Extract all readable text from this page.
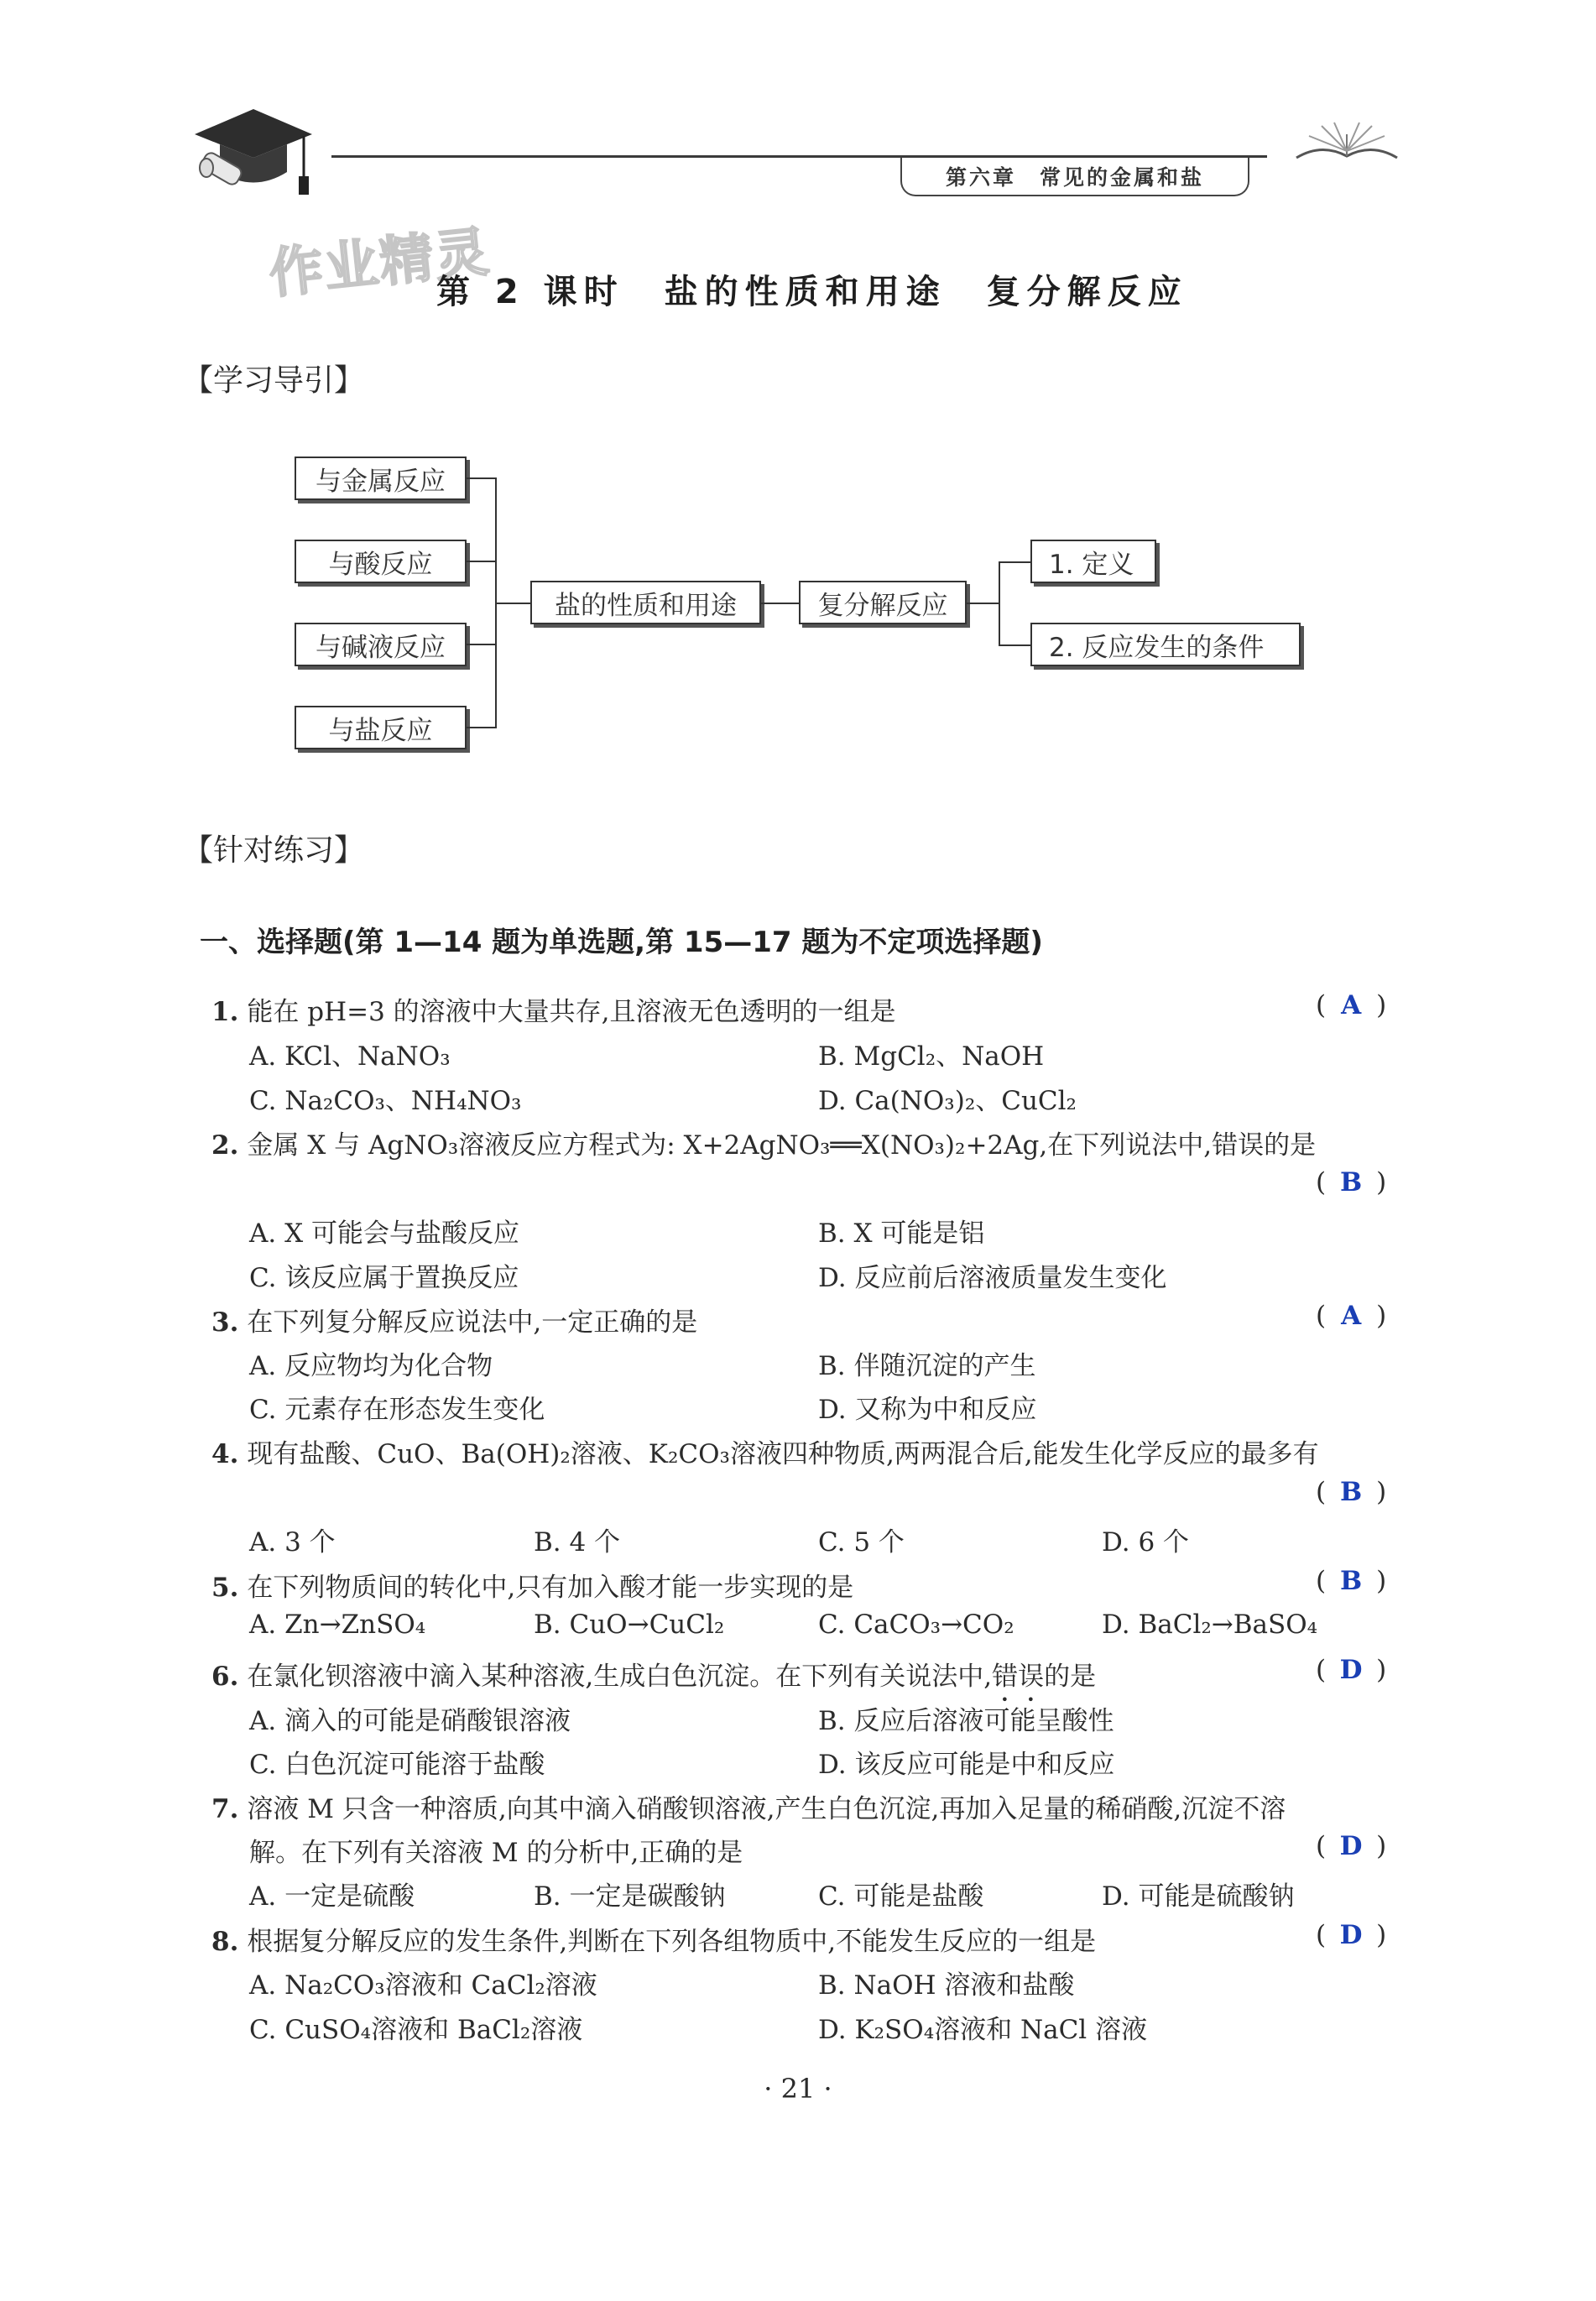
第六章　常见的金属和盐
作业精灵
第 2 课时　盐的性质和用途　复分解反应
【学习导引】
与金属反应
与酸反应
与碱液反应
与盐反应
盐的性质和用途	复分解反应
1. 定义
2. 反应发生的条件
【针对练习】
一、选择题(第 1—14 题为单选题,第 15—17 题为不定项选择题)
1. 能在 pH=3 的溶液中大量共存,且溶液无色透明的一组是	( A )
A. KCl、NaNO₃	B. MgCl₂、NaOH
C. Na₂CO₃、NH₄NO₃	D. Ca(NO₃)₂、CuCl₂
2. 金属 X 与 AgNO₃溶液反应方程式为: X+2AgNO₃══X(NO₃)₂+2Ag,在下列说法中,错误的是
( B )
A. X 可能会与盐酸反应	B. X 可能是铝
C. 该反应属于置换反应	D. 反应前后溶液质量发生变化
3. 在下列复分解反应说法中,一定正确的是	( A )
A. 反应物均为化合物	B. 伴随沉淀的产生
C. 元素存在形态发生变化	D. 又称为中和反应
4. 现有盐酸、CuO、Ba(OH)₂溶液、K₂CO₃溶液四种物质,两两混合后,能发生化学反应的最多有
( B )
A. 3 个	B. 4 个	C. 5 个	D. 6 个
5. 在下列物质间的转化中,只有加入酸才能一步实现的是	( B )
A. Zn→ZnSO₄	B. CuO→CuCl₂	C. CaCO₃→CO₂	D. BaCl₂→BaSO₄
6. 在氯化钡溶液中滴入某种溶液,生成白色沉淀。在下列有关说法中,错误的是	( D )
A. 滴入的可能是硝酸银溶液	B. 反应后溶液可能呈酸性
C. 白色沉淀可能溶于盐酸	D. 该反应可能是中和反应
7. 溶液 M 只含一种溶质,向其中滴入硝酸钡溶液,产生白色沉淀,再加入足量的稀硝酸,沉淀不溶
解。在下列有关溶液 M 的分析中,正确的是	( D )
A. 一定是硫酸	B. 一定是碳酸钠	C. 可能是盐酸	D. 可能是硫酸钠
8. 根据复分解反应的发生条件,判断在下列各组物质中,不能发生反应的一组是	( D )
A. Na₂CO₃溶液和 CaCl₂溶液	B. NaOH 溶液和盐酸
C. CuSO₄溶液和 BaCl₂溶液	D. K₂SO₄溶液和 NaCl 溶液
· 21 ·
